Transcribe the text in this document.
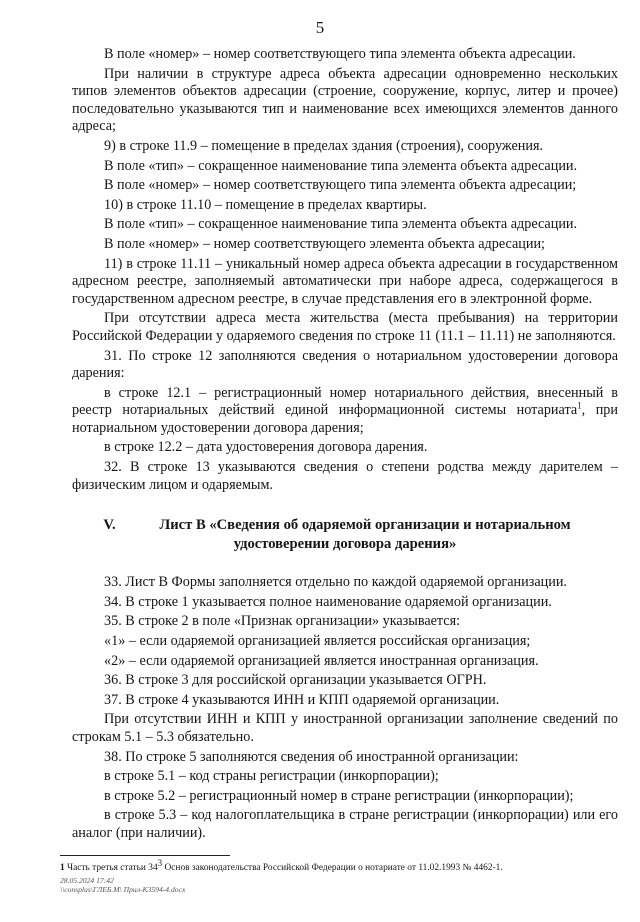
5

В поле «номер» – номер соответствующего типа элемента объекта адресации.

При наличии в структуре адреса объекта адресации одновременно нескольких типов элементов объектов адресации (строение, сооружение, корпус, литер и прочее) последовательно указываются тип и наименование всех имеющихся элементов данного адреса;

9) в строке 11.9 – помещение в пределах здания (строения), сооружения.

В поле «тип» – сокращенное наименование типа элемента объекта адресации.

В поле «номер» – номер соответствующего типа элемента объекта адресации;

10) в строке 11.10 – помещение в пределах квартиры.

В поле «тип» – сокращенное наименование типа элемента объекта адресации.

В поле «номер» – номер соответствующего элемента объекта адресации;

11) в строке 11.11 – уникальный номер адреса объекта адресации в государственном адресном реестре, заполняемый автоматически при наборе адреса, содержащегося в государственном адресном реестре, в случае представления его в электронной форме.

При отсутствии адреса места жительства (места пребывания) на территории Российской Федерации у одаряемого сведения по строке 11 (11.1 – 11.11) не заполняются.

31. По строке 12 заполняются сведения о нотариальном удостоверении договора дарения:

в строке 12.1 – регистрационный номер нотариального действия, внесенный в реестр нотариальных действий единой информационной системы нотариата$^1$, при нотариальном удостоверении договора дарения;

в строке 12.2 – дата удостоверения договора дарения.

32. В строке 13 указываются сведения о степени родства между дарителем – физическим лицом и одаряемым.

V.	Лист В «Сведения об одаряемой организации и нотариальном
удостоверении договора дарения»

33. Лист В Формы заполняется отдельно по каждой одаряемой организации.

34. В строке 1 указывается полное наименование одаряемой организации.

35. В строке 2 в поле «Признак организации» указывается:

«1» – если одаряемой организацией является российская организация;

«2» – если одаряемой организацией является иностранная организация.

36. В строке 3 для российской организации указывается ОГРН.

37. В строке 4 указываются ИНН и КПП одаряемой организации.

При отсутствии ИНН и КПП у иностранной организации заполнение сведений по строкам 5.1 – 5.3 обязательно.

38. По строке 5 заполняются сведения об иностранной организации:

в строке 5.1 – код страны регистрации (инкорпорации);

в строке 5.2 – регистрационный номер в стране регистрации (инкорпорации);

в строке 5.3 – код налогоплательщика в стране регистрации (инкорпорации) или его аналог (при наличии).

1 Часть третья статьи $34^3$ Основ законодательства Российской Федерации о нотариате от 11.02.1993 № 4462-1.
28.05.2024 17:42
\\consplus\ГЛЕБ.М\ Прил-К3594-4.docx
